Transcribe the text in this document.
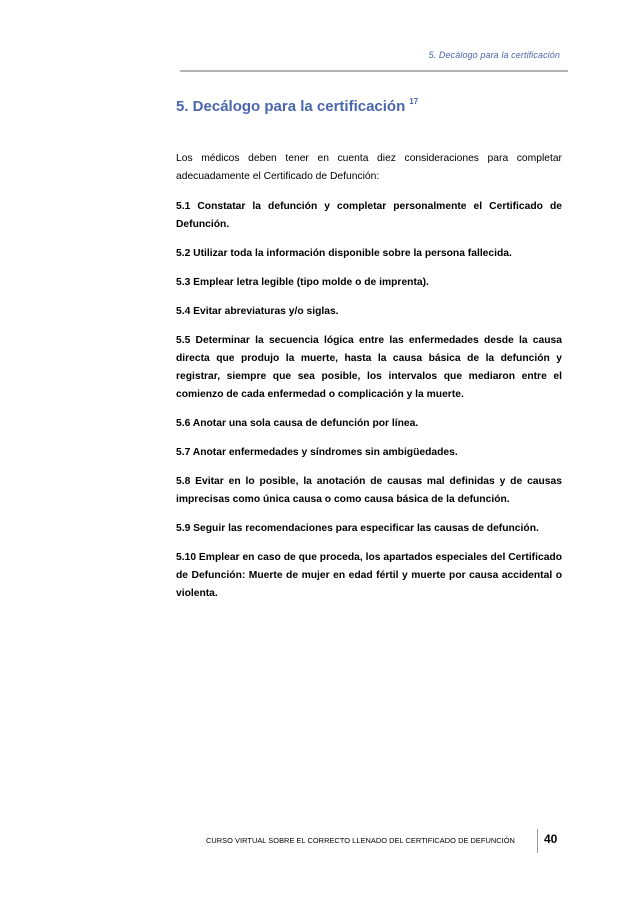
5. Decálogo para la certificación
5. Decálogo para la certificación $^{17}$

Los médicos deben tener en cuenta diez consideraciones para completar adecuadamente el Certificado de Defunción:

5.1 Constatar la defunción y completar personalmente el Certificado de Defunción.

5.2 Utilizar toda la información disponible sobre la persona fallecida.

5.3 Emplear letra legible (tipo molde o de imprenta).

5.4 Evitar abreviaturas y/o siglas.

5.5 Determinar la secuencia lógica entre las enfermedades desde la causa directa que produjo la muerte, hasta la causa básica de la defunción y registrar, siempre que sea posible, los intervalos que mediaron entre el comienzo de cada enfermedad o complicación y la muerte.

5.6 Anotar una sola causa de defunción por línea.

5.7 Anotar enfermedades y síndromes sin ambigüedades.

5.8 Evitar en lo posible, la anotación de causas mal definidas y de causas imprecisas como única causa o como causa básica de la defunción.

5.9 Seguir las recomendaciones para especificar las causas de defunción.

5.10 Emplear en caso de que proceda, los apartados especiales del Certificado de Defunción: Muerte de mujer en edad fértil y muerte por causa accidental o violenta.

CURSO VIRTUAL SOBRE EL CORRECTO LLENADO DEL CERTIFICADO DE DEFUNCIÓN 40
